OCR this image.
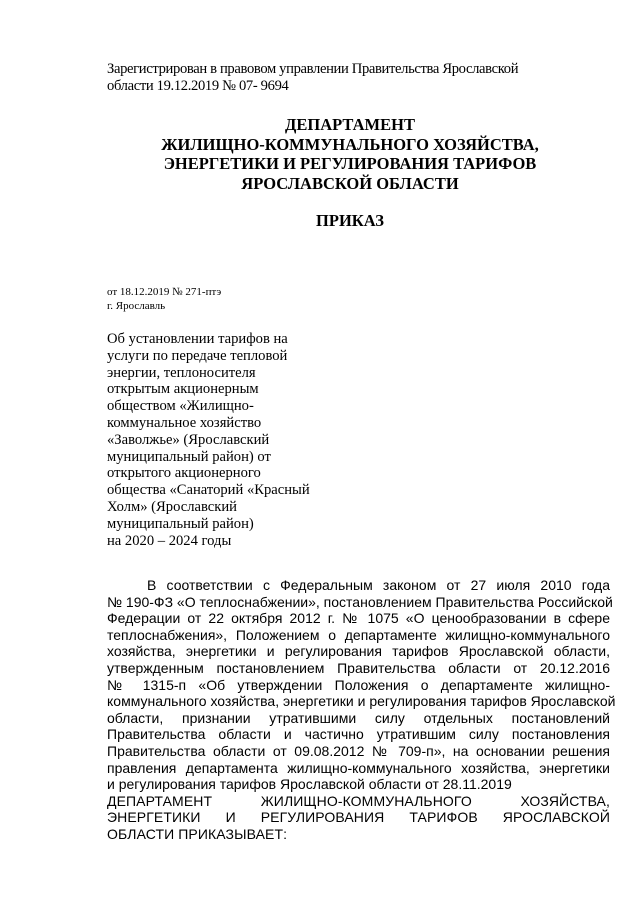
Зарегистрирован в правовом управлении Правительства Ярославской
области 19.12.2019 № 07- 9694
ДЕПАРТАМЕНТ
ЖИЛИЩНО-КОММУНАЛЬНОГО ХОЗЯЙСТВА,
ЭНЕРГЕТИКИ И РЕГУЛИРОВАНИЯ ТАРИФОВ
ЯРОСЛАВСКОЙ ОБЛАСТИ
ПРИКАЗ
от 18.12.2019 № 271-птэ
г. Ярославль
Об установлении тарифов на
услуги по передаче тепловой
энергии, теплоносителя
открытым акционерным
обществом «Жилищно-
коммунальное хозяйство
«Заволжье» (Ярославский
муниципальный район) от
открытого акционерного
общества «Санаторий «Красный
Холм» (Ярославский
муниципальный район)
на 2020 – 2024 годы
В соответствии с Федеральным законом от 27 июля 2010 года
№ 190-ФЗ «О теплоснабжении», постановлением Правительства Российской
Федерации от 22 октября 2012 г. № 1075 «О ценообразовании в сфере
теплоснабжения», Положением о департаменте жилищно-коммунального
хозяйства, энергетики и регулирования тарифов Ярославской области,
утвержденным постановлением Правительства области от 20.12.2016
№ 1315-п «Об утверждении Положения о департаменте жилищно-
коммунального хозяйства, энергетики и регулирования тарифов Ярославской
области, признании утратившими силу отдельных постановлений
Правительства области и частично утратившим силу постановления
Правительства области от 09.08.2012 № 709-п», на основании решения
правления департамента жилищно-коммунального хозяйства, энергетики
и регулирования тарифов Ярославской области от 28.11.2019
ДЕПАРТАМЕНТ ЖИЛИЩНО-КОММУНАЛЬНОГО ХОЗЯЙСТВА,
ЭНЕРГЕТИКИ И РЕГУЛИРОВАНИЯ ТАРИФОВ ЯРОСЛАВСКОЙ
ОБЛАСТИ ПРИКАЗЫВАЕТ:
